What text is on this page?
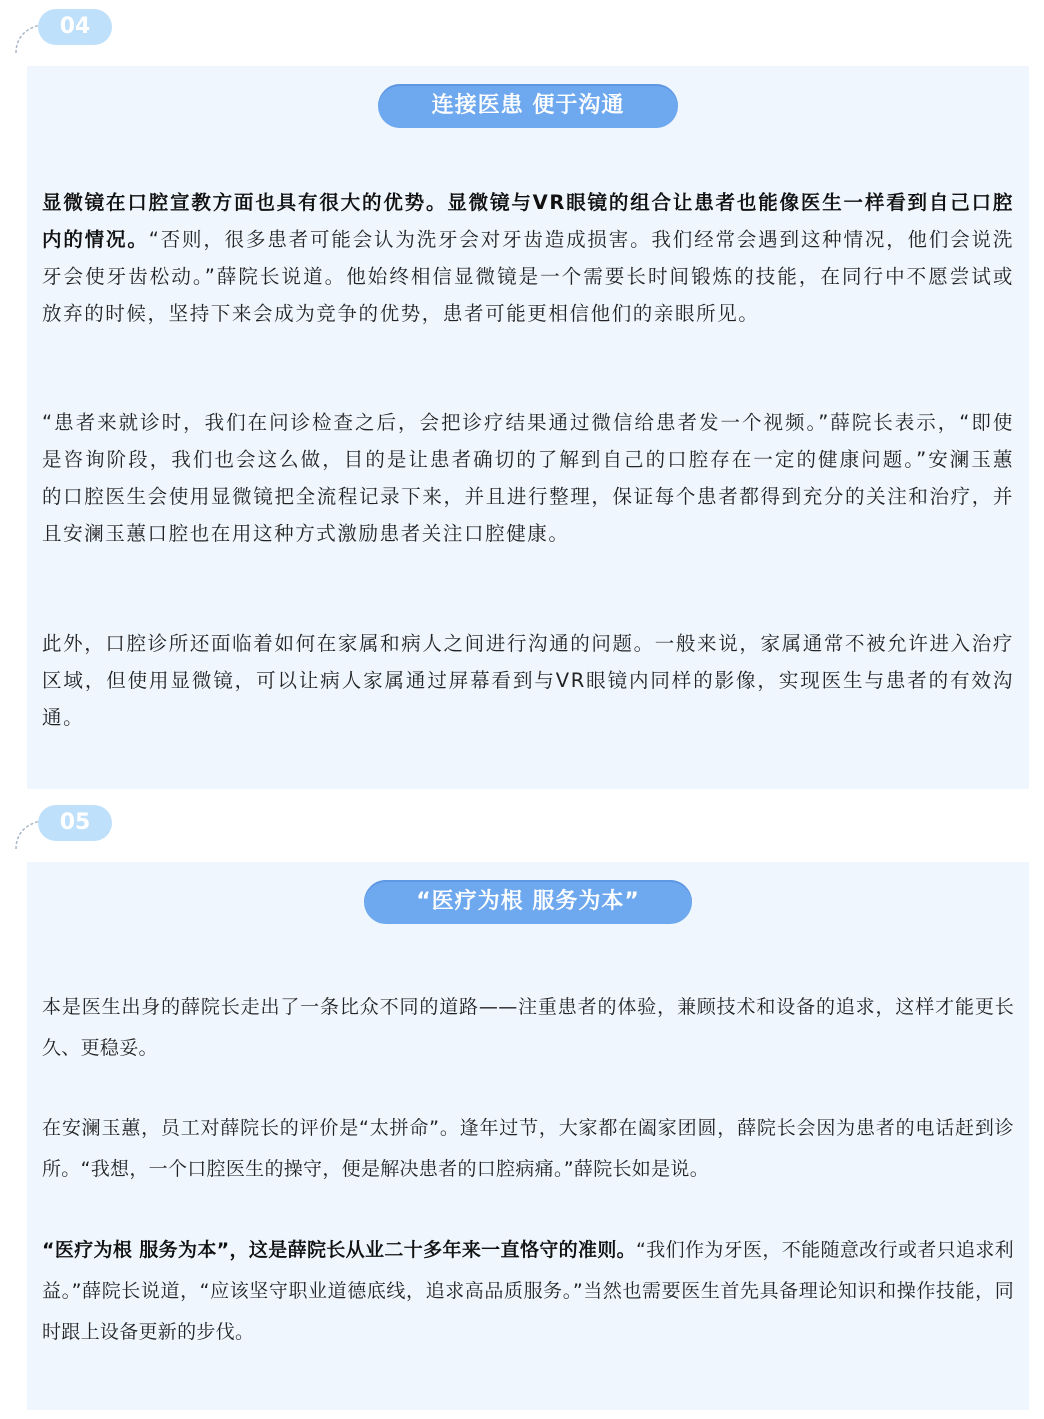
04
连接医患 便于沟通

显微镜在口腔宣教方面也具有很大的优势。显微镜与VR眼镜的组合让患者也能像医生一样看到自己口腔内的情况。“否则，很多患者可能会认为洗牙会对牙齿造成损害。我们经常会遇到这种情况，他们会说洗牙会使牙齿松动。”薛院长说道。他始终相信显微镜是一个需要长时间锻炼的技能，在同行中不愿尝试或放弃的时候，坚持下来会成为竞争的优势，患者可能更相信他们的亲眼所见。

“患者来就诊时，我们在问诊检查之后，会把诊疗结果通过微信给患者发一个视频。”薛院长表示，“即使是咨询阶段，我们也会这么做，目的是让患者确切的了解到自己的口腔存在一定的健康问题。”安澜玉蕙的口腔医生会使用显微镜把全流程记录下来，并且进行整理，保证每个患者都得到充分的关注和治疗，并且安澜玉蕙口腔也在用这种方式激励患者关注口腔健康。

此外，口腔诊所还面临着如何在家属和病人之间进行沟通的问题。一般来说，家属通常不被允许进入治疗区域，但使用显微镜，可以让病人家属通过屏幕看到与VR眼镜内同样的影像，实现医生与患者的有效沟通。

05
“医疗为根 服务为本”

本是医生出身的薛院长走出了一条比众不同的道路——注重患者的体验，兼顾技术和设备的追求，这样才能更长久、更稳妥。

在安澜玉蕙，员工对薛院长的评价是“太拼命”。逢年过节，大家都在阖家团圆，薛院长会因为患者的电话赶到诊所。“我想，一个口腔医生的操守，便是解决患者的口腔病痛。”薛院长如是说。

“医疗为根 服务为本”，这是薛院长从业二十多年来一直恪守的准则。“我们作为牙医，不能随意改行或者只追求利益。”薛院长说道，“应该坚守职业道德底线，追求高品质服务。”当然也需要医生首先具备理论知识和操作技能，同时跟上设备更新的步伐。
